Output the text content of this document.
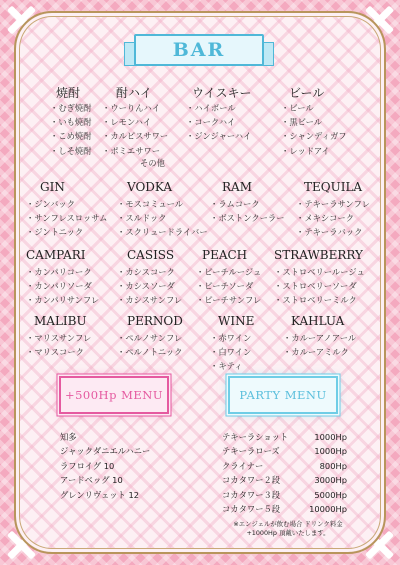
BAR
焼酎
・ むぎ焼酎
・ いも焼酎
・ こめ焼酎
・ しそ焼酎
酎ハイ
・ ウーりんハイ
・ レモンハイ
・ カルピスサワー
・ ポミエサワー
ウイスキー
・ ハイボール
・ コークハイ
・ ジンジャーハイ
ビール
・ ビール
・ 黒ビール
・ シャンディガフ
・ レッドアイ
その他
GIN
・ ジンバック
・ サンフレスロッサム
・ ジントニック
VODKA
・ モスコミュール
・ スルドック
・ スクリュードライバー
RAM
・ ラムコーク
・ ボストンクーラー
TEQUILA
・ テキーラサンフレ
・ メキシコーク
・ テキーラバック
CAMPARI
・ カンパリコーク
・ カンパリソーダ
・ カンパリサンフレ
CASISS
・ カシスコーク
・ カシスソーダ
・ カシスサンフレ
PEACH
・ ピーチルージュ
・ ピーチソーダ
・ ピーチサンフレ
STRAWBERRY
・ ストロベリールージュ
・ ストロベリーソーダ
・ ストロベリーミルク
MALIBU
・ マリスサンフレ
・ マリスコーク
PERNOD
・ ペルノサンフレ
・ ペルノトニック
WINE
・ 赤ワイン
・ 白ワイン
・ キティ
KAHLUA
・ カルーアノアール
・ カルーアミルク
+500Hp MENU	PARTY MENU
知多
ジャックダニエルハニー
ラフロイグ 10
アードベッグ 10
グレンリヴェット 12
テキーラショット	1000Hp
テキーラローズ	1000Hp
クライナー	800Hp
コカタワー２段	3000Hp
コカタワー３段	5000Hp
コカタワー５段	10000Hp
※エンジェルが飲む場合 ドリンク料金
+1000Hp 頂戴いたします。
